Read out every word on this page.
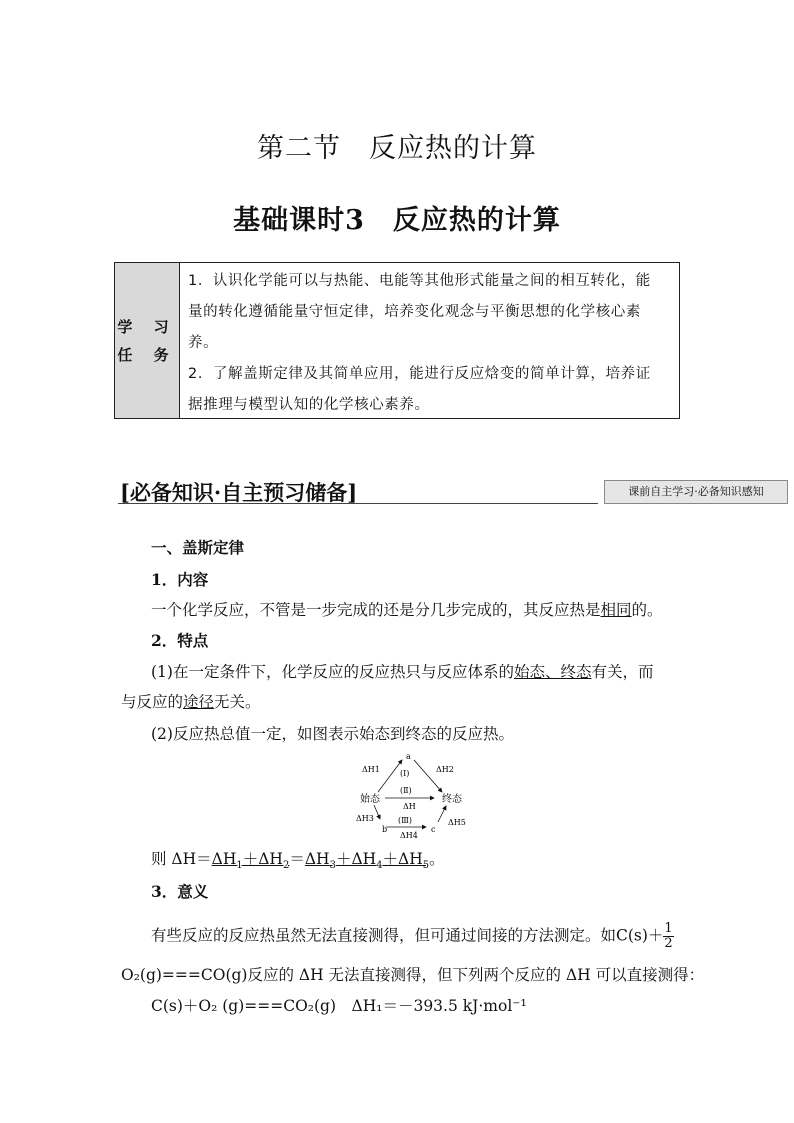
第二节　反应热的计算
基础课时3　反应热的计算
学 习
任 务
1．认识化学能可以与热能、电能等其他形式能量之间的相互转化，能
量的转化遵循能量守恒定律，培养变化观念与平衡思想的化学核心素
养。
2．了解盖斯定律及其简单应用，能进行反应焓变的简单计算，培养证
据推理与模型认知的化学核心素养。
[必备知识·自主预习储备]	课前自主学习·必备知识感知
一、盖斯定律
1．内容
一个化学反应，不管是一步完成的还是分几步完成的，其反应热是相同的。
2．特点
(1)在一定条件下，化学反应的反应热只与反应体系的始态、终态有关，而
与反应的途径无关。
(2)反应热总值一定，如图表示始态到终态的反应热。
a
始态	终态
b	c
(Ⅰ)
(Ⅱ)
ΔH
(Ⅲ)
ΔH1	ΔH2
ΔH3
ΔH4
ΔH5
则 $\Delta H=\Delta H_1+\Delta H_2=\Delta H_3+\Delta H_4+\Delta H_5$。
3．意义
有些反应的反应热虽然无法直接测得，但可通过间接的方法测定。如$C(s)+ \frac{1}{2}$
O₂(g)===CO(g)反应的 ΔH 无法直接测得，但下列两个反应的 ΔH 可以直接测得：
C(s)＋O₂ (g)===CO₂(g)　ΔH₁＝－393.5 kJ·mol⁻¹
